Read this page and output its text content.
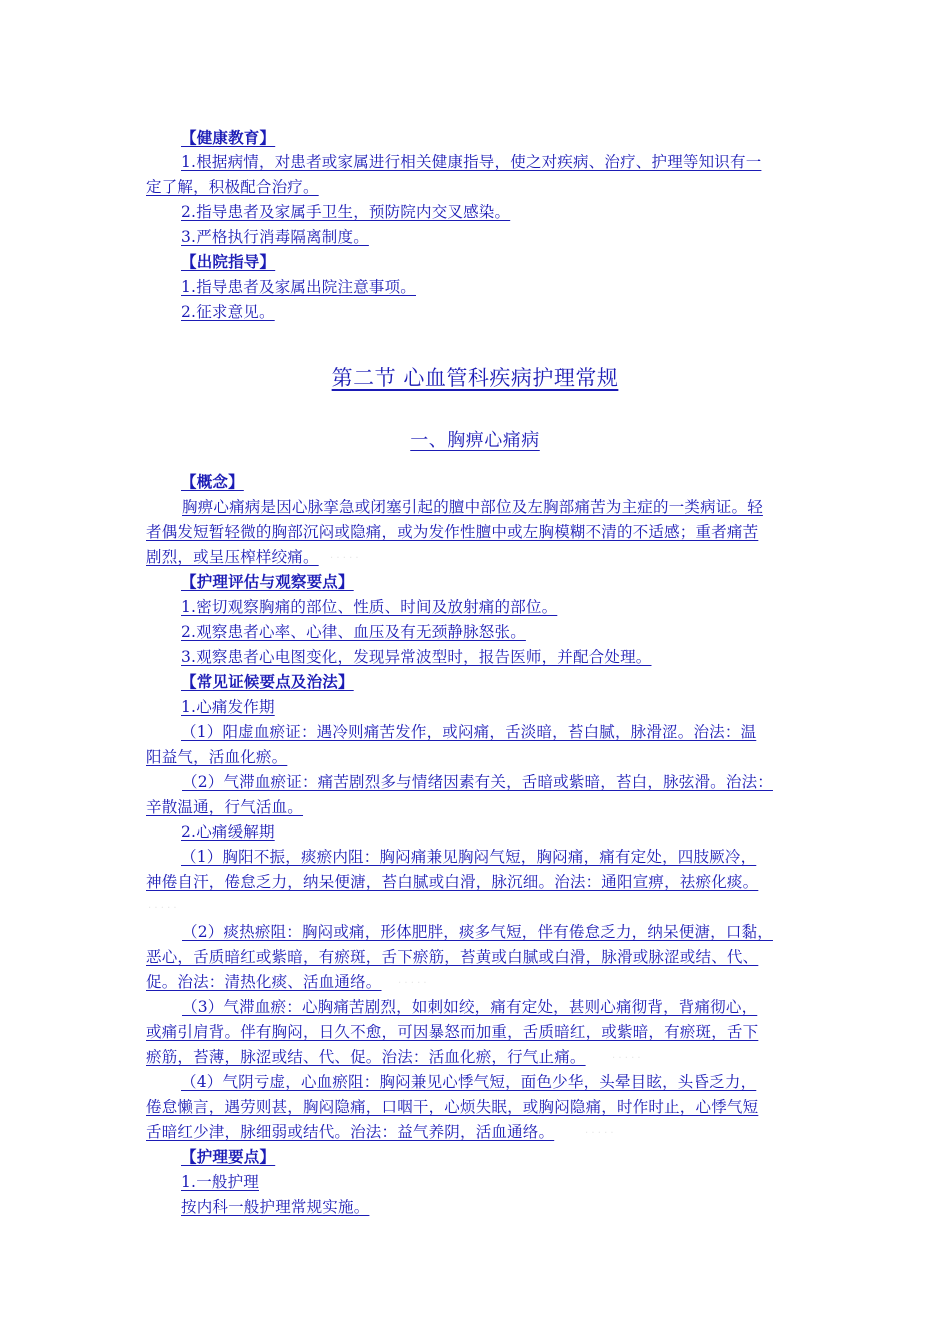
【健康教育】
1.根据病情，对患者或家属进行相关健康指导，使之对疾病、治疗、护理等知识有一
定了解，积极配合治疗。
2.指导患者及家属手卫生，预防院内交叉感染。
3.严格执行消毒隔离制度。
【出院指导】
1.指导患者及家属出院注意事项。
2.征求意见。
第二节 心血管科疾病护理常规
一、胸痹心痛病
【概念】
胸痹心痛病是因心脉挛急或闭塞引起的膻中部位及左胸部痛苦为主症的一类病证。轻
者偶发短暂轻微的胸部沉闷或隐痛，或为发作性膻中或左胸模糊不清的不适感；重者痛苦
剧烈，或呈压榨样绞痛。
【护理评估与观察要点】
1.密切观察胸痛的部位、性质、时间及放射痛的部位。
2.观察患者心率、心律、血压及有无颈静脉怒张。
3.观察患者心电图变化，发现异常波型时，报告医师，并配合处理。
【常见证候要点及治法】
1.心痛发作期
（1）阳虚血瘀证：遇冷则痛苦发作，或闷痛，舌淡暗，苔白腻，脉滑涩。治法：温
阳益气，活血化瘀。
（2）气滞血瘀证：痛苦剧烈多与情绪因素有关，舌暗或紫暗，苔白，脉弦滑。治法：
辛散温通，行气活血。
2.心痛缓解期
（1）胸阳不振，痰瘀内阻：胸闷痛兼见胸闷气短，胸闷痛，痛有定处，四肢厥冷，
神倦自汗，倦怠乏力，纳呆便溏，苔白腻或白滑，脉沉细。治法：通阳宣痹，祛瘀化痰。
（2）痰热瘀阻：胸闷或痛，形体肥胖，痰多气短，伴有倦怠乏力，纳呆便溏，口黏，
恶心，舌质暗红或紫暗，有瘀斑，舌下瘀筋，苔黄或白腻或白滑，脉滑或脉涩或结、代、
促。治法：清热化痰、活血通络。
（3）气滞血瘀：心胸痛苦剧烈，如刺如绞，痛有定处，甚则心痛彻背，背痛彻心，
或痛引肩背。伴有胸闷，日久不愈，可因暴怒而加重，舌质暗红，或紫暗，有瘀斑，舌下
瘀筋，苔薄，脉涩或结、代、促。治法：活血化瘀，行气止痛。
（4）气阴亏虚，心血瘀阻：胸闷兼见心悸气短，面色少华，头晕目眩，头昏乏力，
倦怠懒言，遇劳则甚，胸闷隐痛，口咽干，心烦失眠，或胸闷隐痛，时作时止，心悸气短
舌暗红少津，脉细弱或结代。治法：益气养阴，活血通络。
【护理要点】
1.一般护理
按内科一般护理常规实施。
· · · · ·
· · · · ·
· · · · ·
· · · · ·
· · · · ·
